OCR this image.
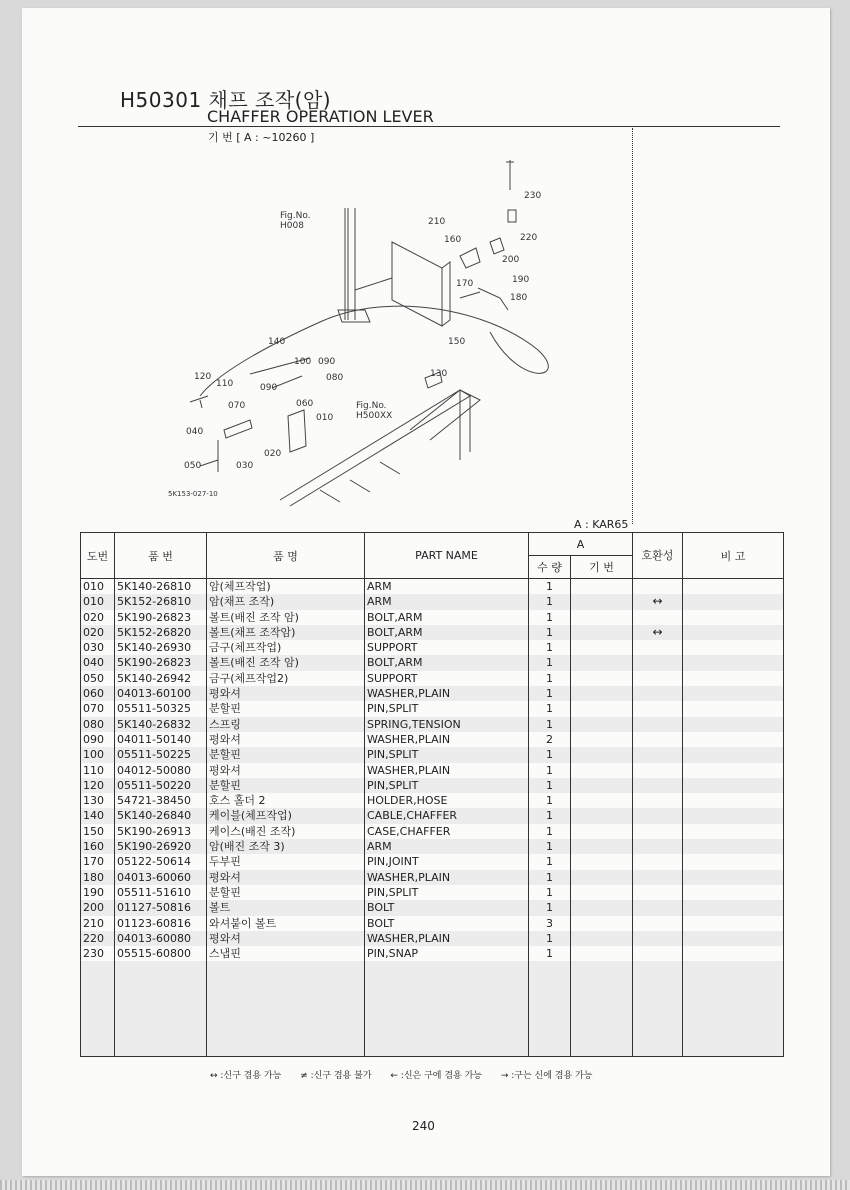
H50301 채프 조작(암)
CHAFFER OPERATION LEVER
기 번 [ A : ~10260 ]
Fig.No.
H008
Fig.No.
H500XX
5K153-027-10
230
220
210
160
200
190
170
180
150
140
100 090
080	130
120
110	090
070	060
010
040
020
050	030
A : KAR65
도번	품 번	품 명	PART NAME	A		호환성	비 고
				수 량	기 번		
010	5K140-26810	암(체프작업)	ARM	1			
010	5K152-26810	암(채프 조작)	ARM	1		↔	
020	5K190-26823	볼트(배진 조작 암)	BOLT,ARM	1			
020	5K152-26820	볼트(채프 조작암)	BOLT,ARM	1		↔	
030	5K140-26930	금구(체프작업)	SUPPORT	1			
040	5K190-26823	볼트(배진 조작 암)	BOLT,ARM	1			
050	5K140-26942	금구(체프작업2)	SUPPORT	1			
060	04013-60100	평와셔	WASHER,PLAIN	1			
070	05511-50325	분할핀	PIN,SPLIT	1			
080	5K140-26832	스프링	SPRING,TENSION	1			
090	04011-50140	평와셔	WASHER,PLAIN	2			
100	05511-50225	분할핀	PIN,SPLIT	1			
110	04012-50080	평와셔	WASHER,PLAIN	1			
120	05511-50220	분할핀	PIN,SPLIT	1			
130	54721-38450	호스 홀더 2	HOLDER,HOSE	1			
140	5K140-26840	케이블(체프작업)	CABLE,CHAFFER	1			
150	5K190-26913	케이스(배진 조작)	CASE,CHAFFER	1			
160	5K190-26920	암(배진 조작 3)	ARM	1			
170	05122-50614	두부핀	PIN,JOINT	1			
180	04013-60060	평와셔	WASHER,PLAIN	1			
190	05511-51610	분할핀	PIN,SPLIT	1			
200	01127-50816	볼트	BOLT	1			
210	01123-60816	와셔붙이 볼트	BOLT	3			
220	04013-60080	평와셔	WASHER,PLAIN	1			
230	05515-60800	스냅핀	PIN,SNAP	1			

↔ :신구 겸용 가능 ≠ :신구 겸용 불가 ← :신은 구에 겸용 가능 → :구는 신에 겸용 가능
240
